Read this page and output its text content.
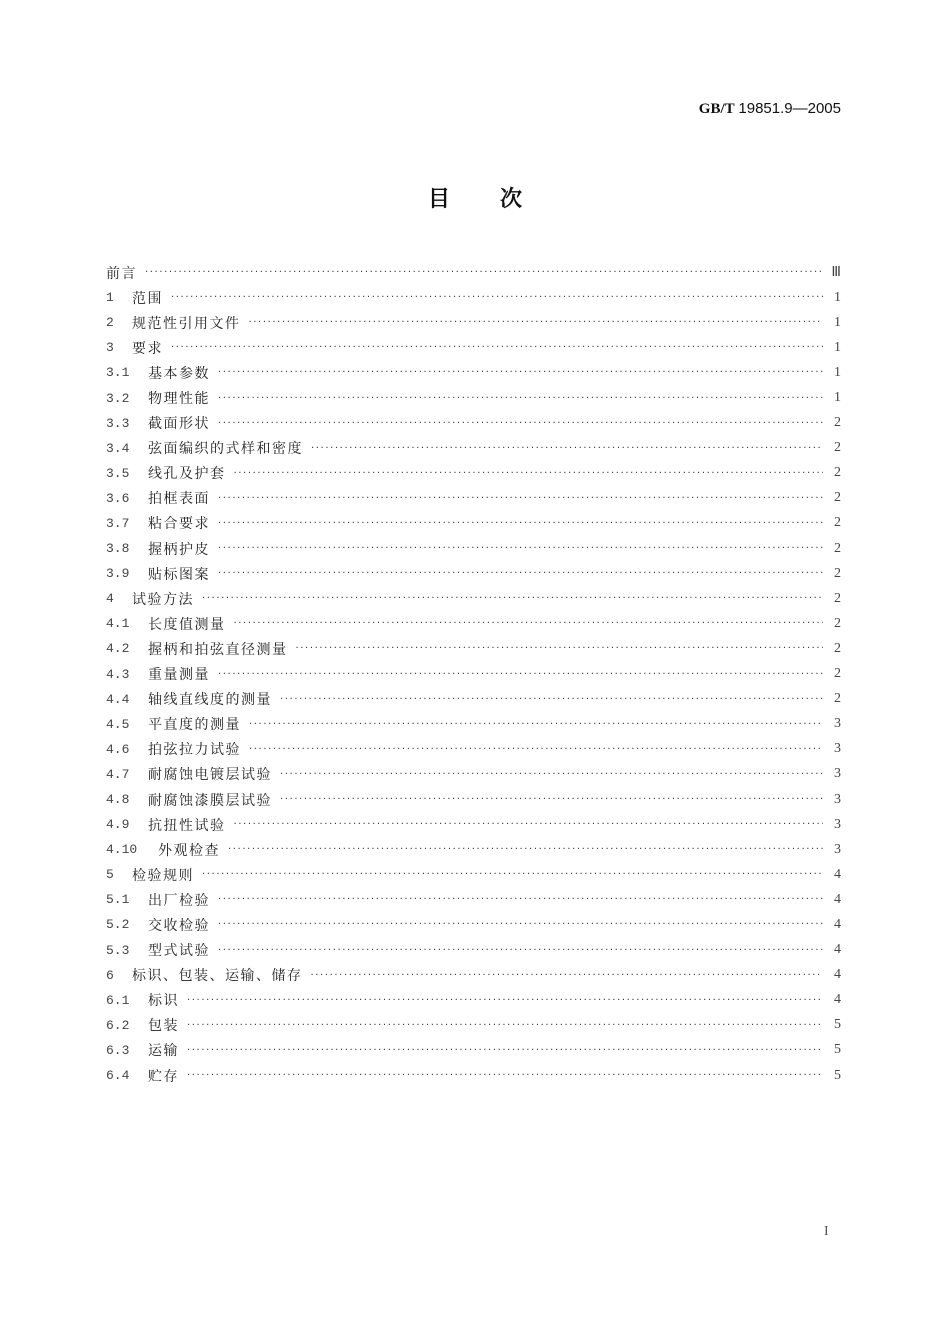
GB/T 19851.9—2005
目次
前言 ·····	Ⅲ
1	范围 ·····	1
2	规范性引用文件 ·····	1
3	要求 ·····	1
3.1	基本参数 ·····	1
3.2	物理性能 ·····	1
3.3	截面形状 ·····	2
3.4	弦面编织的式样和密度 ·····	2
3.5	线孔及护套 ·····	2
3.6	拍框表面 ·····	2
3.7	粘合要求 ·····	2
3.8	握柄护皮 ·····	2
3.9	贴标图案 ·····	2
4	试验方法 ·····	2
4.1	长度值测量 ·····	2
4.2	握柄和拍弦直径测量 ·····	2
4.3	重量测量 ·····	2
4.4	轴线直线度的测量 ·····	2
4.5	平直度的测量 ·····	3
4.6	拍弦拉力试验 ·····	3
4.7	耐腐蚀电镀层试验 ·····	3
4.8	耐腐蚀漆膜层试验 ·····	3
4.9	抗扭性试验 ·····	3
4.10	外观检查 ·····	3
5	检验规则 ·····	4
5.1	出厂检验 ·····	4
5.2	交收检验 ·····	4
5.3	型式试验 ·····	4
6	标识、包装、运输、储存 ·····	4
6.1	标识 ·····	4
6.2	包装 ·····	5
6.3	运输 ·····	5
6.4	贮存 ·····	5
I
